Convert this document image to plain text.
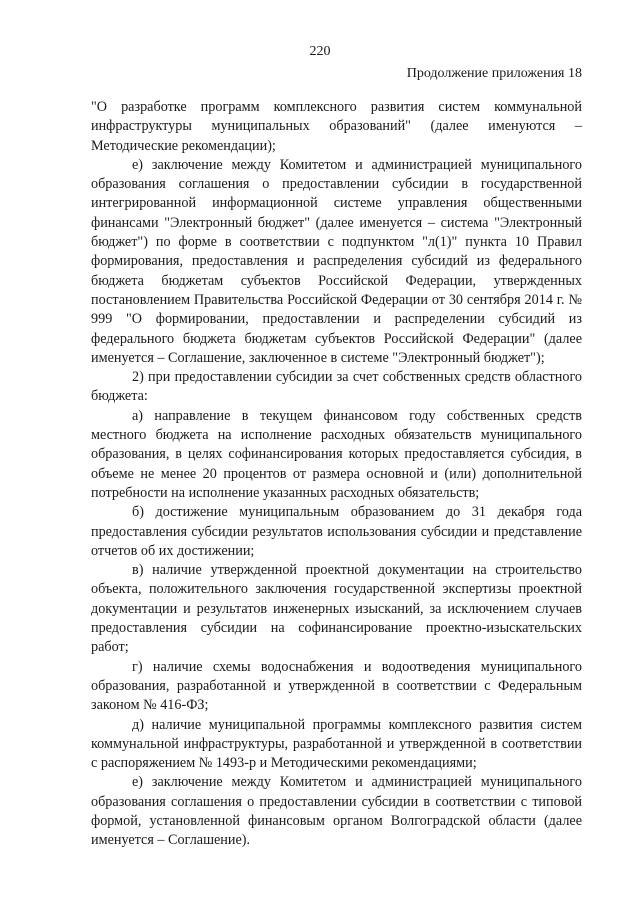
220
Продолжение приложения 18

"О разработке программ комплексного развития систем коммунальной инфраструктуры муниципальных образований" (далее именуются – Методические рекомендации);

е) заключение между Комитетом и администрацией муниципального образования соглашения о предоставлении субсидии в государственной интегрированной информационной системе управления общественными финансами "Электронный бюджет" (далее именуется – система "Электронный бюджет") по форме в соответствии с подпунктом "л(1)" пункта 10 Правил формирования, предоставления и распределения субсидий из федерального бюджета бюджетам субъектов Российской Федерации, утвержденных постановлением Правительства Российской Федерации от 30 сентября 2014 г. № 999 "О формировании, предоставлении и распределении субсидий из федерального бюджета бюджетам субъектов Российской Федерации" (далее именуется – Соглашение, заключенное в системе "Электронный бюджет");

2) при предоставлении субсидии за счет собственных средств областного бюджета:

а) направление в текущем финансовом году собственных средств местного бюджета на исполнение расходных обязательств муниципального образования, в целях софинансирования которых предоставляется субсидия, в объеме не менее 20 процентов от размера основной и (или) дополнительной потребности на исполнение указанных расходных обязательств;

б) достижение муниципальным образованием до 31 декабря года предоставления субсидии результатов использования субсидии и представление отчетов об их достижении;

в) наличие утвержденной проектной документации на строительство объекта, положительного заключения государственной экспертизы проектной документации и результатов инженерных изысканий, за исключением случаев предоставления субсидии на софинансирование проектно-изыскательских работ;

г) наличие схемы водоснабжения и водоотведения муниципального образования, разработанной и утвержденной в соответствии с Федеральным законом № 416-ФЗ;

д) наличие муниципальной программы комплексного развития систем коммунальной инфраструктуры, разработанной и утвержденной в соответствии с распоряжением № 1493-р и Методическими рекомендациями;

е) заключение между Комитетом и администрацией муниципального образования соглашения о предоставлении субсидии в соответствии с типовой формой, установленной финансовым органом Волгоградской области (далее именуется – Соглашение).
